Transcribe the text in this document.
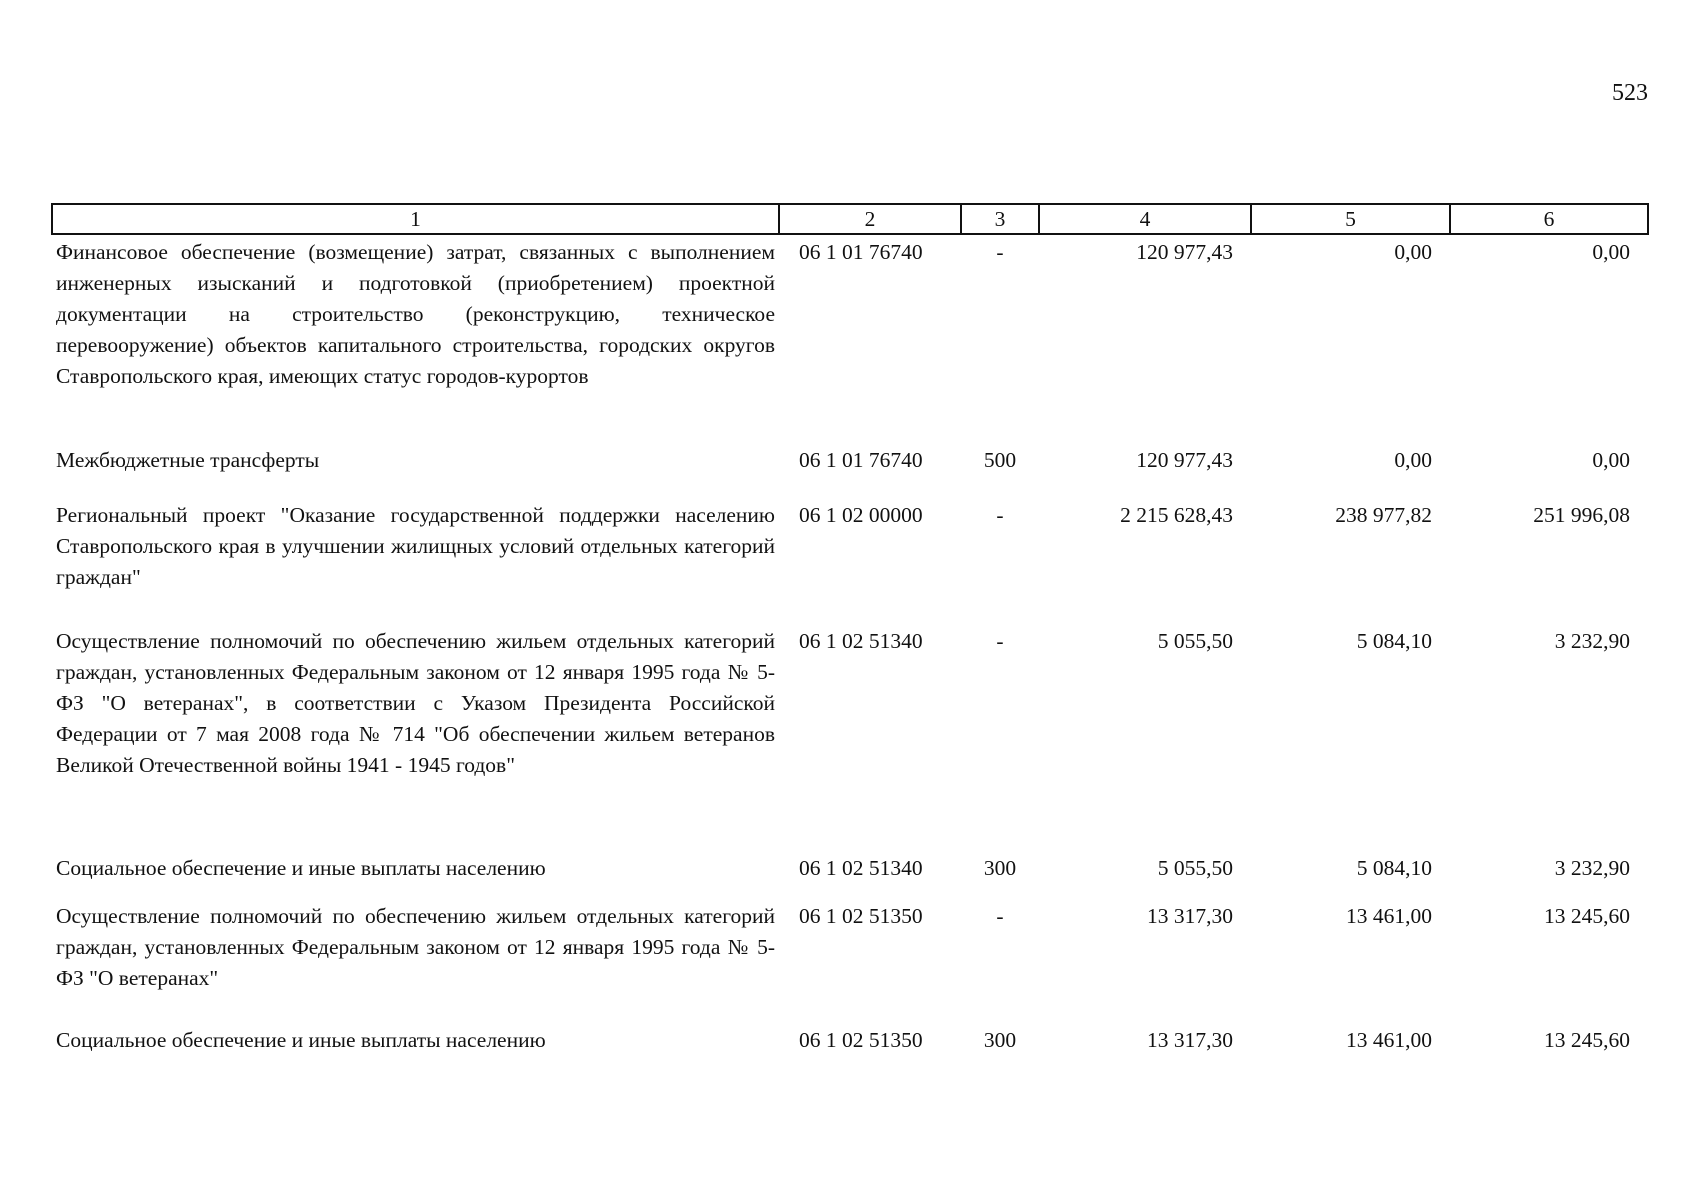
523
1	2	3	4	5	6
Финансовое обеспечение (возмещение) затрат, связанных с выполнением инженерных изысканий и подготовкой (приобретением) проектной документации на строительство (реконструкцию, техническое перевооружение) объектов капитального строительства, городских округов Ставропольского края, имеющих статус городов-курортов	06 1 01 76740	-	120 977,43	0,00	0,00
Межбюджетные трансферты	06 1 01 76740	500	120 977,43	0,00	0,00
Региональный проект "Оказание государственной поддержки населению Ставропольского края в улучшении жилищных условий отдельных категорий граждан"	06 1 02 00000	-	2 215 628,43	238 977,82	251 996,08
Осуществление полномочий по обеспечению жильем отдельных категорий граждан, установленных Федеральным законом от 12 января 1995 года № 5-ФЗ "О ветеранах", в соответствии с Указом Президента Российской Федерации от 7 мая 2008 года № 714 "Об обеспечении жильем ветеранов Великой Отечественной войны 1941 - 1945 годов"	06 1 02 51340	-	5 055,50	5 084,10	3 232,90
Социальное обеспечение и иные выплаты населению	06 1 02 51340	300	5 055,50	5 084,10	3 232,90
Осуществление полномочий по обеспечению жильем отдельных категорий граждан, установленных Федеральным законом от 12 января 1995 года № 5-ФЗ "О ветеранах"	06 1 02 51350	-	13 317,30	13 461,00	13 245,60
Социальное обеспечение и иные выплаты населению	06 1 02 51350	300	13 317,30	13 461,00	13 245,60
